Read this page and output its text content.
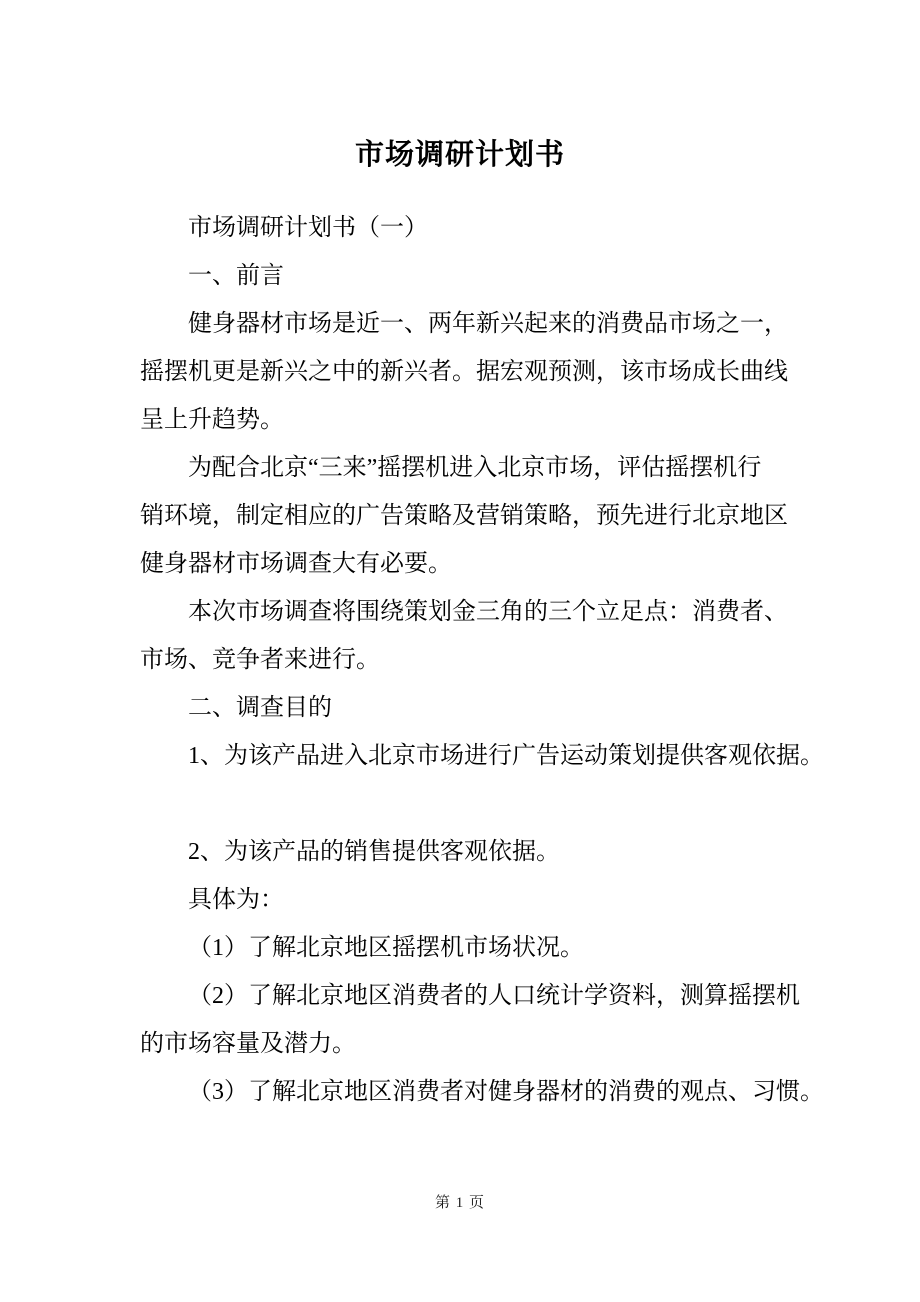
市场调研计划书
市场调研计划书（一）
一、前言
健身器材市场是近一、两年新兴起来的消费品市场之一，
摇摆机更是新兴之中的新兴者。据宏观预测，该市场成长曲线
呈上升趋势。
为配合北京“三来”摇摆机进入北京市场，评估摇摆机行
销环境，制定相应的广告策略及营销策略，预先进行北京地区
健身器材市场调查大有必要。
本次市场调查将围绕策划金三角的三个立足点：消费者、
市场、竞争者来进行。
二、调查目的
1、为该产品进入北京市场进行广告运动策划提供客观依据。

2、为该产品的销售提供客观依据。
具体为：
（1）了解北京地区摇摆机市场状况。
（2）了解北京地区消费者的人口统计学资料，测算摇摆机
的市场容量及潜力。
（3）了解北京地区消费者对健身器材的消费的观点、习惯。
第 1 页
